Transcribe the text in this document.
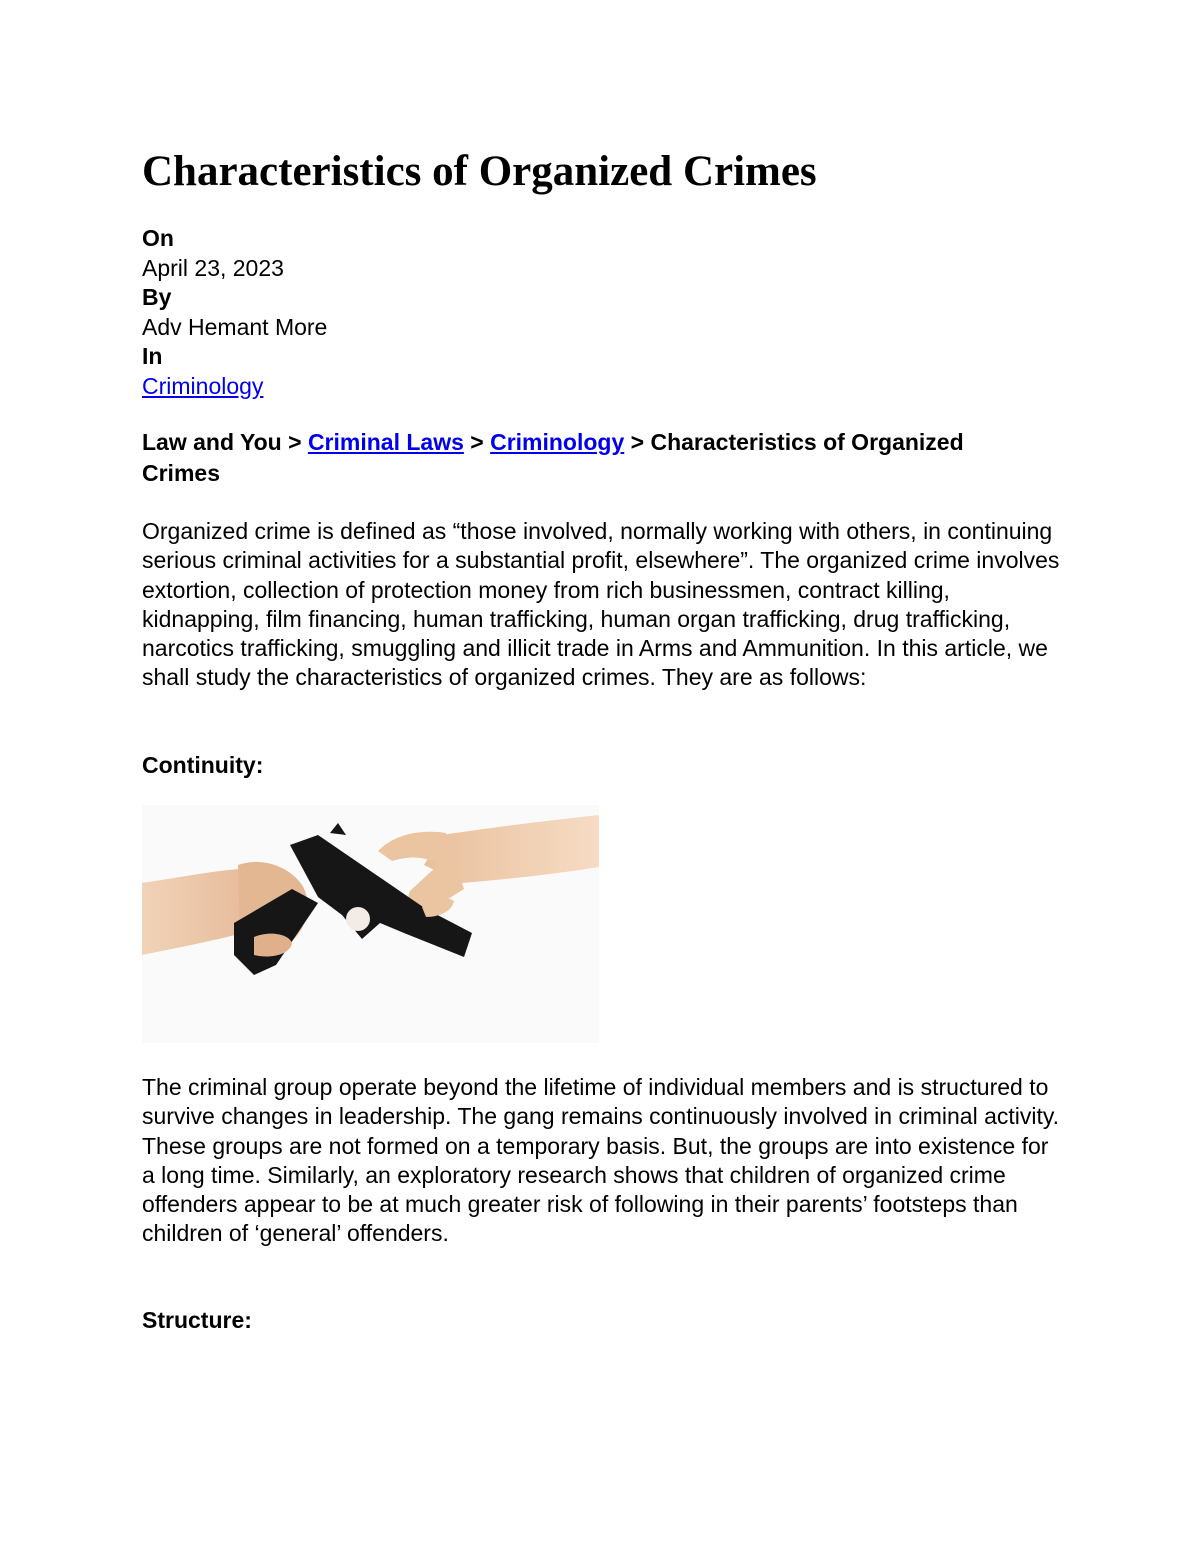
Characteristics of Organized Crimes
On
April 23, 2023
By
Adv Hemant More
In
Criminology
Law and You > Criminal Laws > Criminology > Characteristics of Organized Crimes

Organized crime is defined as “those involved, normally working with others, in continuing serious criminal activities for a substantial profit, elsewhere”. The organized crime involves extortion, collection of protection money from rich businessmen, contract killing, kidnapping, film financing, human trafficking, human organ trafficking, drug trafficking, narcotics trafficking, smuggling and illicit trade in Arms and Ammunition. In this article, we shall study the characteristics of organized crimes. They are as follows:

Continuity:

The criminal group operate beyond the lifetime of individual members and is structured to survive changes in leadership. The gang remains continuously involved in criminal activity. These groups are not formed on a temporary basis. But, the groups are into existence for a long time. Similarly, an exploratory research shows that children of organized crime offenders appear to be at much greater risk of following in their parents’ footsteps than children of ‘general’ offenders.

Structure:
